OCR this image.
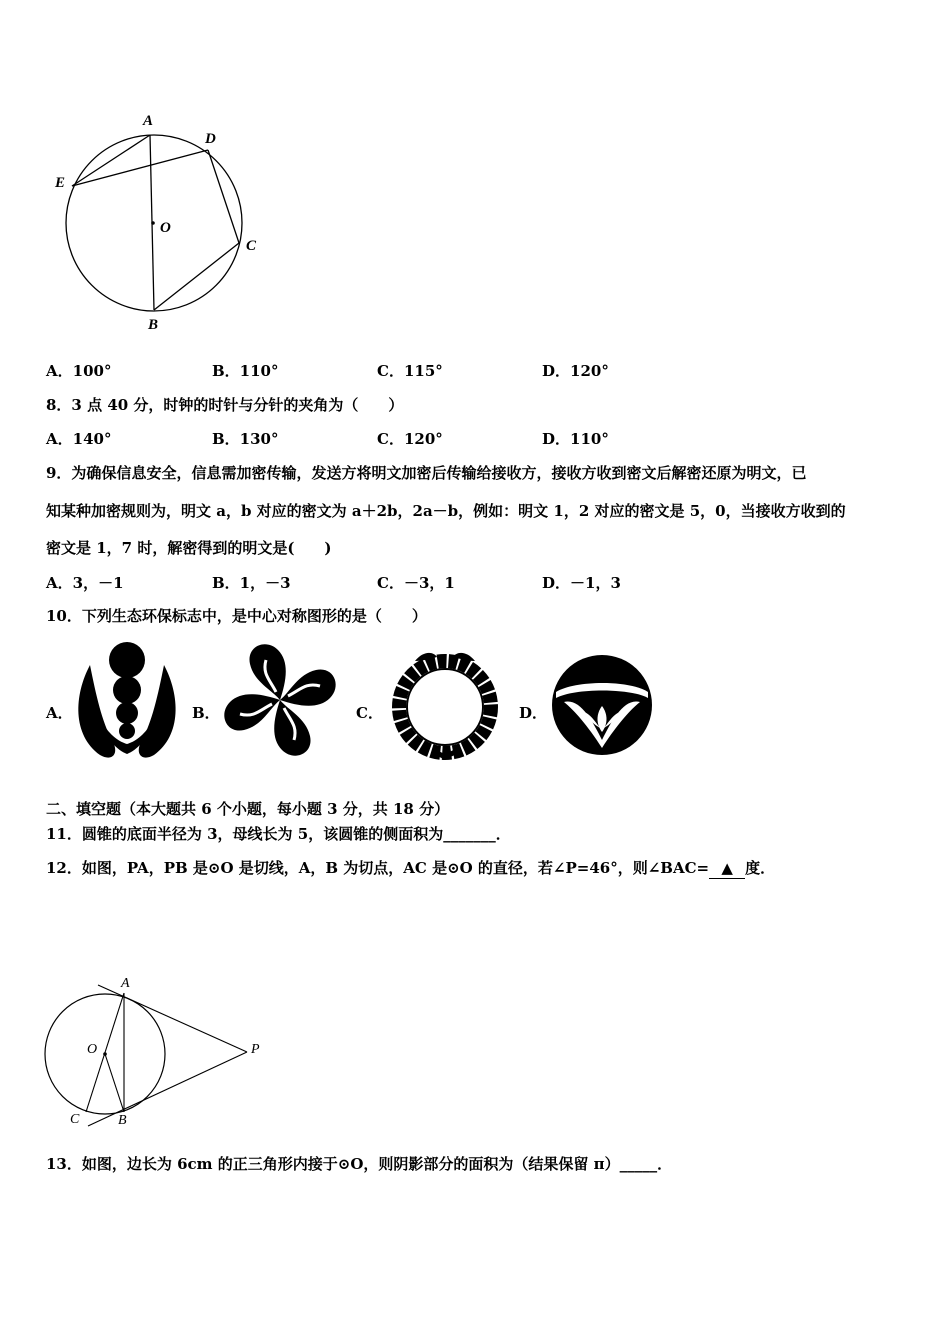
A
D
E
O
C
B
A．100°	B．110°	C．115°	D．120°
8．3 点 40 分，时钟的时针与分针的夹角为（　　）
A．140°	B．130°	C．120°	D．110°
9．为确保信息安全，信息需加密传输，发送方将明文加密后传输给接收方，接收方收到密文后解密还原为明文，已
知某种加密规则为，明文 a，b 对应的密文为 a＋2b，2a－b，例如：明文 1，2 对应的密文是 5，0，当接收方收到的
密文是 1，7 时，解密得到的明文是(　　)
A．3，－1	B．1，－3	C．－3，1	D．－1，3
10．下列生态环保标志中，是中心对称图形的是（　　）
A．	B．	C．	D．
二、填空题（本大题共 6 个小题，每小题 3 分，共 18 分）
11．圆锥的底面半径为 3，母线长为 5，该圆锥的侧面积为_______．
12．如图，PA，PB 是⊙O 是切线，A，B 为切点，AC 是⊙O 的直径，若∠P=46°，则∠BAC= ▲ 度．
A
O	P
C	B
13．如图，边长为 6cm 的正三角形内接于⊙O，则阴影部分的面积为（结果保留 π）_____．
